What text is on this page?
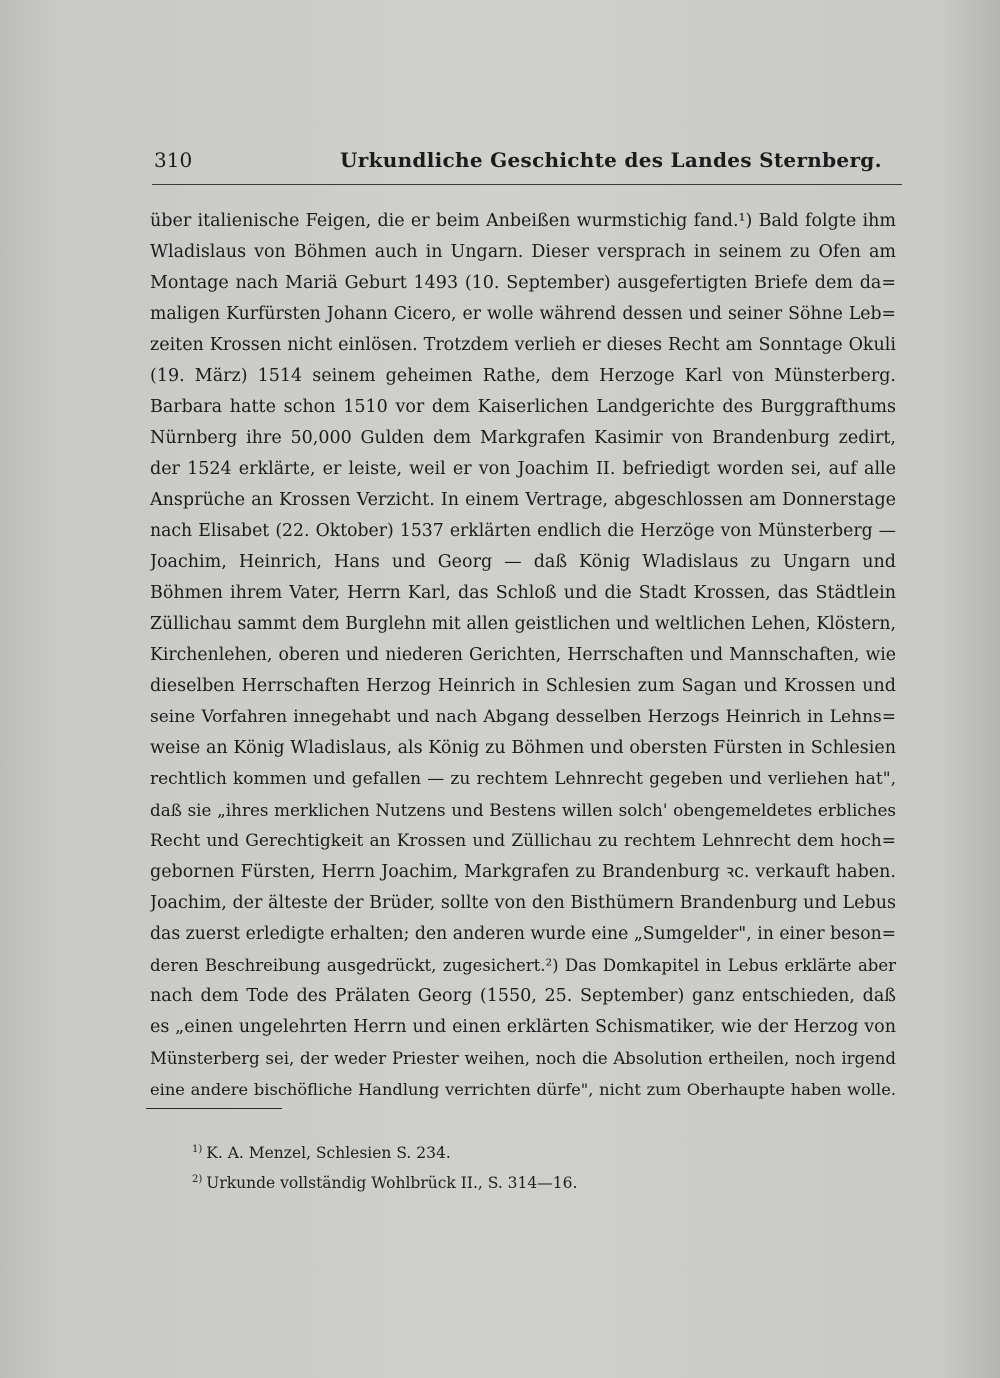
310	Urkundliche Geschichte des Landes Sternberg.
über italienische Feigen, die er beim Anbeißen wurmstichig fand.¹) Bald folgte ihm
Wladislaus von Böhmen auch in Ungarn. Dieser versprach in seinem zu Ofen am
Montage nach Mariä Geburt 1493 (10. September) ausgefertigten Briefe dem da=
maligen Kurfürsten Johann Cicero, er wolle während dessen und seiner Söhne Leb=
zeiten Krossen nicht einlösen. Trotzdem verlieh er dieses Recht am Sonntage Okuli
(19. März) 1514 seinem geheimen Rathe, dem Herzoge Karl von Münsterberg.
Barbara hatte schon 1510 vor dem Kaiserlichen Landgerichte des Burggrafthums
Nürnberg ihre 50,000 Gulden dem Markgrafen Kasimir von Brandenburg zedirt,
der 1524 erklärte, er leiste, weil er von Joachim II. befriedigt worden sei, auf alle
Ansprüche an Krossen Verzicht. In einem Vertrage, abgeschlossen am Donnerstage
nach Elisabet (22. Oktober) 1537 erklärten endlich die Herzöge von Münsterberg —
Joachim, Heinrich, Hans und Georg — daß König Wladislaus zu Ungarn und
Böhmen ihrem Vater, Herrn Karl, das Schloß und die Stadt Krossen, das Städtlein
Züllichau sammt dem Burglehn mit allen geistlichen und weltlichen Lehen, Klöstern,
Kirchenlehen, oberen und niederen Gerichten, Herrschaften und Mannschaften, wie
dieselben Herrschaften Herzog Heinrich in Schlesien zum Sagan und Krossen und
seine Vorfahren innegehabt und nach Abgang desselben Herzogs Heinrich in Lehns=
weise an König Wladislaus, als König zu Böhmen und obersten Fürsten in Schlesien
rechtlich kommen und gefallen — zu rechtem Lehnrecht gegeben und verliehen hat",
daß sie „ihres merklichen Nutzens und Bestens willen solch' obengemeldetes erbliches
Recht und Gerechtigkeit an Krossen und Züllichau zu rechtem Lehnrecht dem hoch=
gebornen Fürsten, Herrn Joachim, Markgrafen zu Brandenburg ꝛc. verkauft haben.
Joachim, der älteste der Brüder, sollte von den Bisthümern Brandenburg und Lebus
das zuerst erledigte erhalten; den anderen wurde eine „Sumgelder", in einer beson=
deren Beschreibung ausgedrückt, zugesichert.²) Das Domkapitel in Lebus erklärte aber
nach dem Tode des Prälaten Georg (1550, 25. September) ganz entschieden, daß
es „einen ungelehrten Herrn und einen erklärten Schismatiker, wie der Herzog von
Münsterberg sei, der weder Priester weihen, noch die Absolution ertheilen, noch irgend
eine andere bischöfliche Handlung verrichten dürfe", nicht zum Oberhaupte haben wolle.
$^{1)}$ K. A. Menzel, Schlesien S. 234.
$^{2)}$ Urkunde vollständig Wohlbrück II., S. 314—16.
